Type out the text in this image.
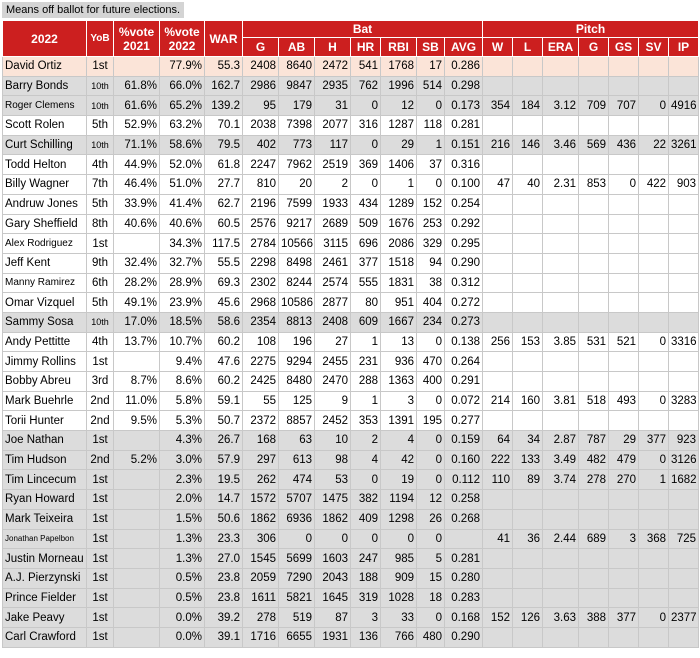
Means off ballot for future elections.
2022	YoB	%vote 2021	%vote 2022	WAR	Bat							Pitch						
					G	AB	H	HR	RBI	SB	AVG	W	L	ERA	G	GS	SV	IP
David Ortiz	1st		77.9%	55.3	2408	8640	2472	541	1768	17	0.286							
Barry Bonds	10th	61.8%	66.0%	162.7	2986	9847	2935	762	1996	514	0.298							
Roger Clemens	10th	61.6%	65.2%	139.2	95	179	31	0	12	0	0.173	354	184	3.12	709	707	0	4916
Scott Rolen	5th	52.9%	63.2%	70.1	2038	7398	2077	316	1287	118	0.281							
Curt Schilling	10th	71.1%	58.6%	79.5	402	773	117	0	29	1	0.151	216	146	3.46	569	436	22	3261
Todd Helton	4th	44.9%	52.0%	61.8	2247	7962	2519	369	1406	37	0.316							
Billy Wagner	7th	46.4%	51.0%	27.7	810	20	2	0	1	0	0.100	47	40	2.31	853	0	422	903
Andruw Jones	5th	33.9%	41.4%	62.7	2196	7599	1933	434	1289	152	0.254							
Gary Sheffield	8th	40.6%	40.6%	60.5	2576	9217	2689	509	1676	253	0.292							
Alex Rodriguez	1st		34.3%	117.5	2784	10566	3115	696	2086	329	0.295							
Jeff Kent	9th	32.4%	32.7%	55.5	2298	8498	2461	377	1518	94	0.290							
Manny Ramirez	6th	28.2%	28.9%	69.3	2302	8244	2574	555	1831	38	0.312							
Omar Vizquel	5th	49.1%	23.9%	45.6	2968	10586	2877	80	951	404	0.272							
Sammy Sosa	10th	17.0%	18.5%	58.6	2354	8813	2408	609	1667	234	0.273							
Andy Pettitte	4th	13.7%	10.7%	60.2	108	196	27	1	13	0	0.138	256	153	3.85	531	521	0	3316
Jimmy Rollins	1st		9.4%	47.6	2275	9294	2455	231	936	470	0.264							
Bobby Abreu	3rd	8.7%	8.6%	60.2	2425	8480	2470	288	1363	400	0.291							
Mark Buehrle	2nd	11.0%	5.8%	59.1	55	125	9	1	3	0	0.072	214	160	3.81	518	493	0	3283
Torii Hunter	2nd	9.5%	5.3%	50.7	2372	8857	2452	353	1391	195	0.277							
Joe Nathan	1st		4.3%	26.7	168	63	10	2	4	0	0.159	64	34	2.87	787	29	377	923
Tim Hudson	2nd	5.2%	3.0%	57.9	297	613	98	4	42	0	0.160	222	133	3.49	482	479	0	3126
Tim Lincecum	1st		2.3%	19.5	262	474	53	0	19	0	0.112	110	89	3.74	278	270	1	1682
Ryan Howard	1st		2.0%	14.7	1572	5707	1475	382	1194	12	0.258							
Mark Teixeira	1st		1.5%	50.6	1862	6936	1862	409	1298	26	0.268							
Jonathan Papelbon	1st		1.3%	23.3	306	0	0	0	0	0		41	36	2.44	689	3	368	725
Justin Morneau	1st		1.3%	27.0	1545	5699	1603	247	985	5	0.281							
A.J. Pierzynski	1st		0.5%	23.8	2059	7290	2043	188	909	15	0.280							
Prince Fielder	1st		0.5%	23.8	1611	5821	1645	319	1028	18	0.283							
Jake Peavy	1st		0.0%	39.2	278	519	87	3	33	0	0.168	152	126	3.63	388	377	0	2377
Carl Crawford	1st		0.0%	39.1	1716	6655	1931	136	766	480	0.290							
